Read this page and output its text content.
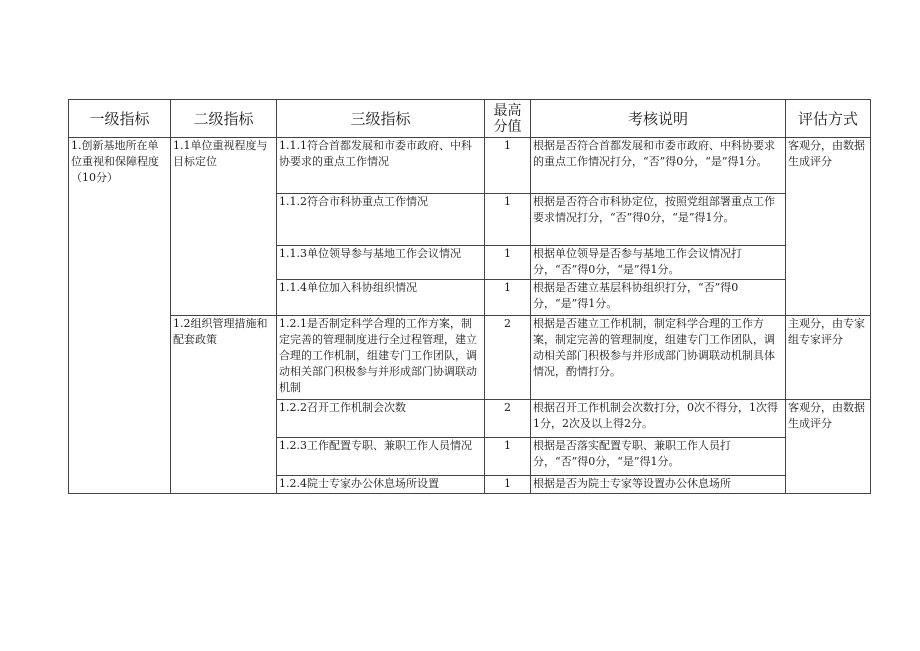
一级指标	二级指标	三级指标	最高分值	考核说明	评估方式
1.创新基地所在单位重视和保障程度（10分）	1.1单位重视程度与目标定位	1.1.1符合首都发展和市委市政府、中科协要求的重点工作情况	1	根据是否符合首都发展和市委市政府、中科协要求的重点工作情况打分，“否”得0分，“是”得1分。	客观分，由数据生成评分
		1.1.2符合市科协重点工作情况	1	根据是否符合市科协定位，按照党组部署重点工作要求情况打分，“否”得0分，“是”得1分。	
		1.1.3单位领导参与基地工作会议情况	1	根据单位领导是否参与基地工作会议情况打分，“否”得0分，“是”得1分。	
		1.1.4单位加入科协组织情况	1	根据是否建立基层科协组织打分，“否”得0分，“是”得1分。	
	1.2组织管理措施和配套政策	1.2.1是否制定科学合理的工作方案，制定完善的管理制度进行全过程管理，建立合理的工作机制，组建专门工作团队，调动相关部门积极参与并形成部门协调联动机制	2	根据是否建立工作机制，制定科学合理的工作方案，制定完善的管理制度，组建专门工作团队，调动相关部门积极参与并形成部门协调联动机制具体情况，酌情打分。	主观分，由专家组专家评分
		1.2.2召开工作机制会次数	2	根据召开工作机制会次数打分，0次不得分，1次得1分，2次及以上得2分。	客观分，由数据生成评分
		1.2.3工作配置专职、兼职工作人员情况	1	根据是否落实配置专职、兼职工作人员打分，“否”得0分，“是”得1分。	
		1.2.4院士专家办公休息场所设置	1	根据是否为院士专家等设置办公休息场所	
